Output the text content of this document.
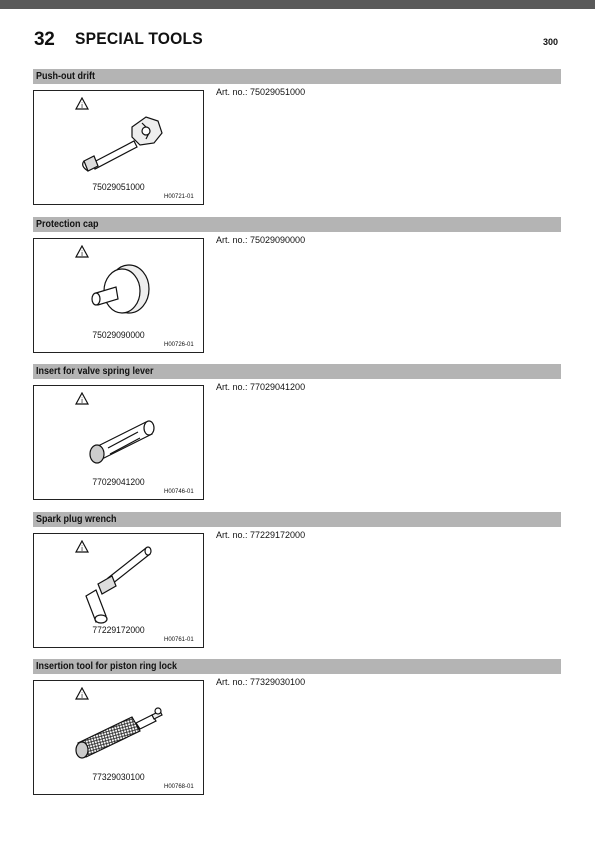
32 SPECIAL TOOLS	300
Push-out drift
i
75029051000
H00721-01
Art. no.: 75029051000
Protection cap
i
75029090000
H00726-01
Art. no.: 75029090000
Insert for valve spring lever
i
77029041200
H00746-01
Art. no.: 77029041200
Spark plug wrench
i
77229172000
H00761-01
Art. no.: 77229172000
Insertion tool for piston ring lock
i
77329030100
H00768-01
Art. no.: 77329030100
